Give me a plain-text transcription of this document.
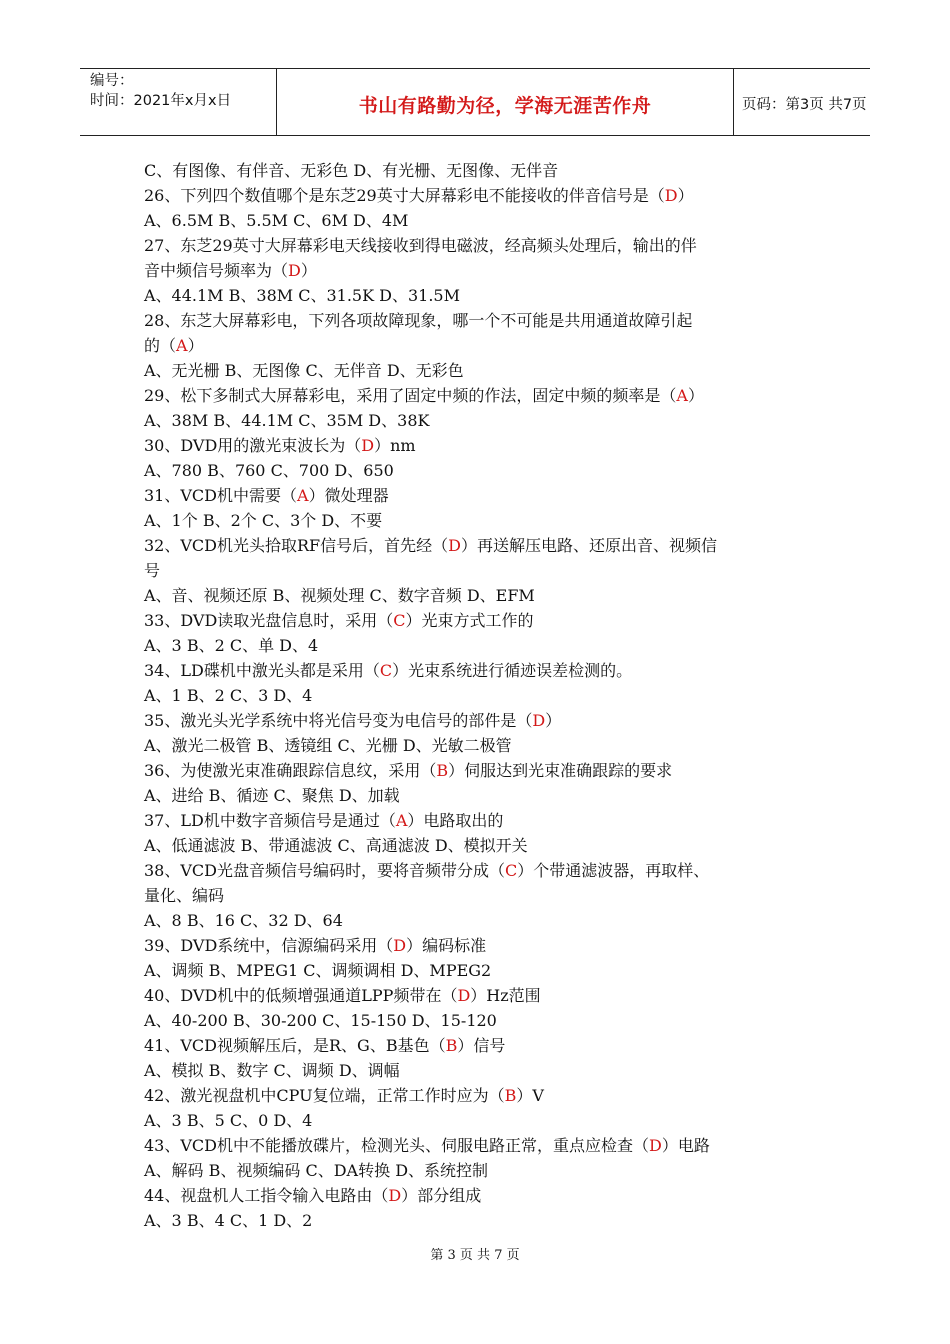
编号：
时间：2021年x月x日	书山有路勤为径，学海无涯苦作舟	页码：第3页 共7页
C、有图像、有伴音、无彩色 D、有光栅、无图像、无伴音
26、下列四个数值哪个是东芝29英寸大屏幕彩电不能接收的伴音信号是（D）
A、6.5M B、5.5M C、6M D、4M
27、东芝29英寸大屏幕彩电天线接收到得电磁波，经高频头处理后，输出的伴
音中频信号频率为（D）
A、44.1M B、38M C、31.5K D、31.5M
28、东芝大屏幕彩电，下列各项故障现象，哪一个不可能是共用通道故障引起
的（A）
A、无光栅 B、无图像 C、无伴音 D、无彩色
29、松下多制式大屏幕彩电，采用了固定中频的作法，固定中频的频率是（A）
A、38M B、44.1M C、35M D、38K
30、DVD用的激光束波长为（D）nm
A、780 B、760 C、700 D、650
31、VCD机中需要（A）微处理器
A、1个 B、2个 C、3个 D、不要
32、VCD机光头拾取RF信号后，首先经（D）再送解压电路、还原出音、视频信
号
A、音、视频还原 B、视频处理 C、数字音频 D、EFM
33、DVD读取光盘信息时，采用（C）光束方式工作的
A、3 B、2 C、单 D、4
34、LD碟机中激光头都是采用（C）光束系统进行循迹误差检测的。
A、1 B、2 C、3 D、4
35、激光头光学系统中将光信号变为电信号的部件是（D）
A、激光二极管 B、透镜组 C、光栅 D、光敏二极管
36、为使激光束准确跟踪信息纹，采用（B）伺服达到光束准确跟踪的要求
A、进给 B、循迹 C、聚焦 D、加载
37、LD机中数字音频信号是通过（A）电路取出的
A、低通滤波 B、带通滤波 C、高通滤波 D、模拟开关
38、VCD光盘音频信号编码时，要将音频带分成（C）个带通滤波器，再取样、
量化、编码
A、8 B、16 C、32 D、64
39、DVD系统中，信源编码采用（D）编码标准
A、调频 B、MPEG1 C、调频调相 D、MPEG2
40、DVD机中的低频增强通道LPP频带在（D）Hz范围
A、40-200 B、30-200 C、15-150 D、15-120
41、VCD视频解压后，是R、G、B基色（B）信号
A、模拟 B、数字 C、调频 D、调幅
42、激光视盘机中CPU复位端，正常工作时应为（B）V
A、3 B、5 C、0 D、4
43、VCD机中不能播放碟片，检测光头、伺服电路正常，重点应检查（D）电路
A、解码 B、视频编码 C、DA转换 D、系统控制
44、视盘机人工指令输入电路由（D）部分组成
A、3 B、4 C、1 D、2
第 3 页 共 7 页
